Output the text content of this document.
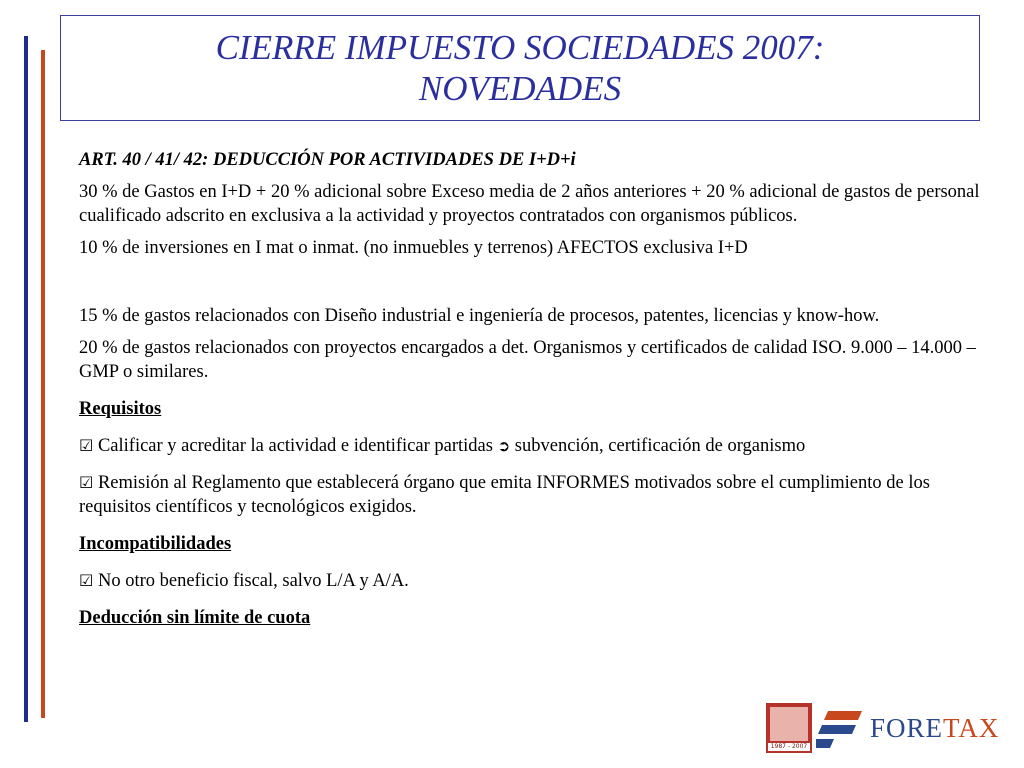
CIERRE IMPUESTO SOCIEDADES 2007: NOVEDADES

ART. 40 / 41/ 42: DEDUCCIÓN POR ACTIVIDADES DE I+D+i

30 % de Gastos en I+D + 20 % adicional sobre Exceso media de 2 años anteriores + 20 % adicional de gastos de personal cualificado adscrito en exclusiva a la actividad y proyectos contratados con organismos públicos.

10 % de inversiones en I mat o inmat. (no inmuebles y terrenos) AFECTOS exclusiva I+D

15 % de gastos relacionados con Diseño industrial e ingeniería de procesos, patentes, licencias y know-how.

20 % de gastos relacionados con proyectos encargados a det. Organismos y certificados de calidad ISO. 9.000 – 14.000 – GMP o similares.

Requisitos

☑ Calificar y acreditar la actividad e identificar partidas ➲ subvención, certificación de organismo

☑ Remisión al Reglamento que establecerá órgano que emita INFORMES motivados sobre el cumplimiento de los requisitos científicos y tecnológicos exigidos.

Incompatibilidades

☑ No otro beneficio fiscal, salvo L/A y A/A.

Deducción sin límite de cuota

1987 - 2007
FORETAX
